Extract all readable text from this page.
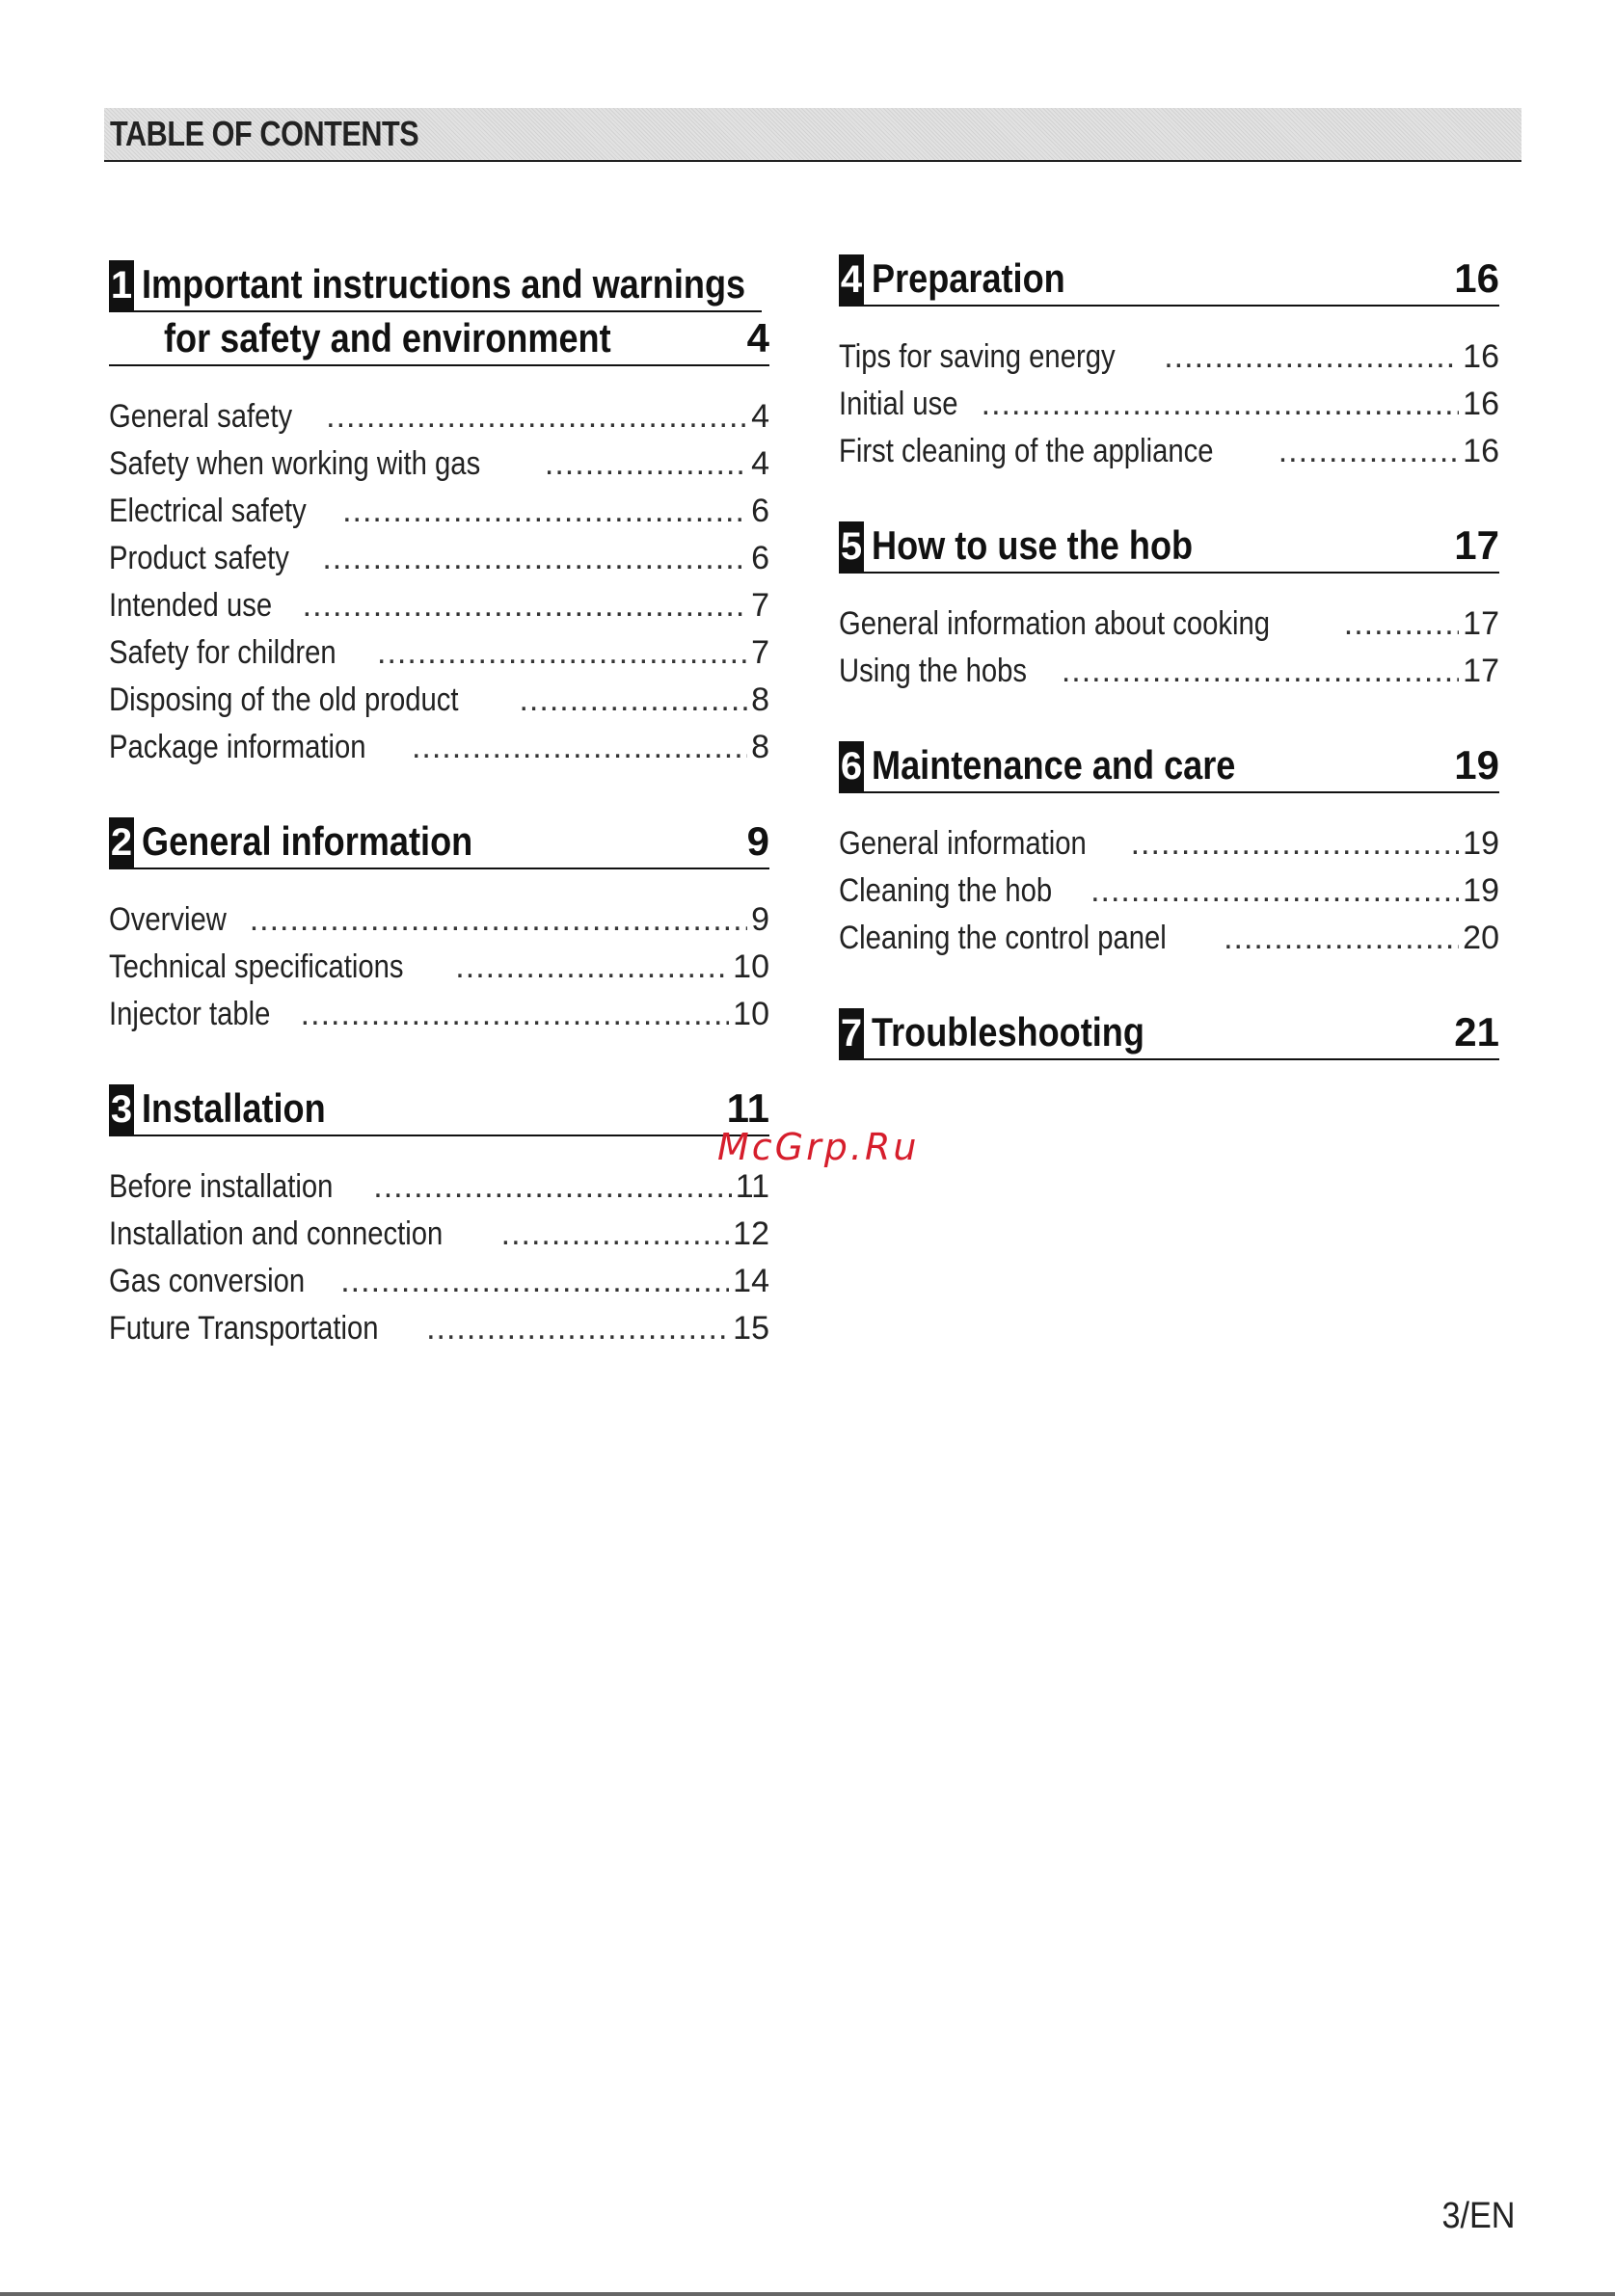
TABLE OF CONTENTS
1 Important instructions and warnings
for safety and environment	4
General safety .....	4
Safety when working with gas .....	4
Electrical safety .....	6
Product safety .....	6
Intended use .....	7
Safety for children .....	7
Disposing of the old product .....	8
Package information .....	8
2 General information	9
Overview .....	9
Technical specifications .....	10
Injector table .....	10
3 Installation	11
Before installation .....	11
Installation and connection .....	12
Gas conversion .....	14
Future Transportation .....	15
4 Preparation	16
Tips for saving energy .....	16
Initial use .....	16
First cleaning of the appliance .....	16
5 How to use the hob	17
General information about cooking .....	17
Using the hobs .....	17
6 Maintenance and care	19
General information .....	19
Cleaning the hob .....	19
Cleaning the control panel .....	20
7 Troubleshooting	21
McGrp.Ru
3/EN
